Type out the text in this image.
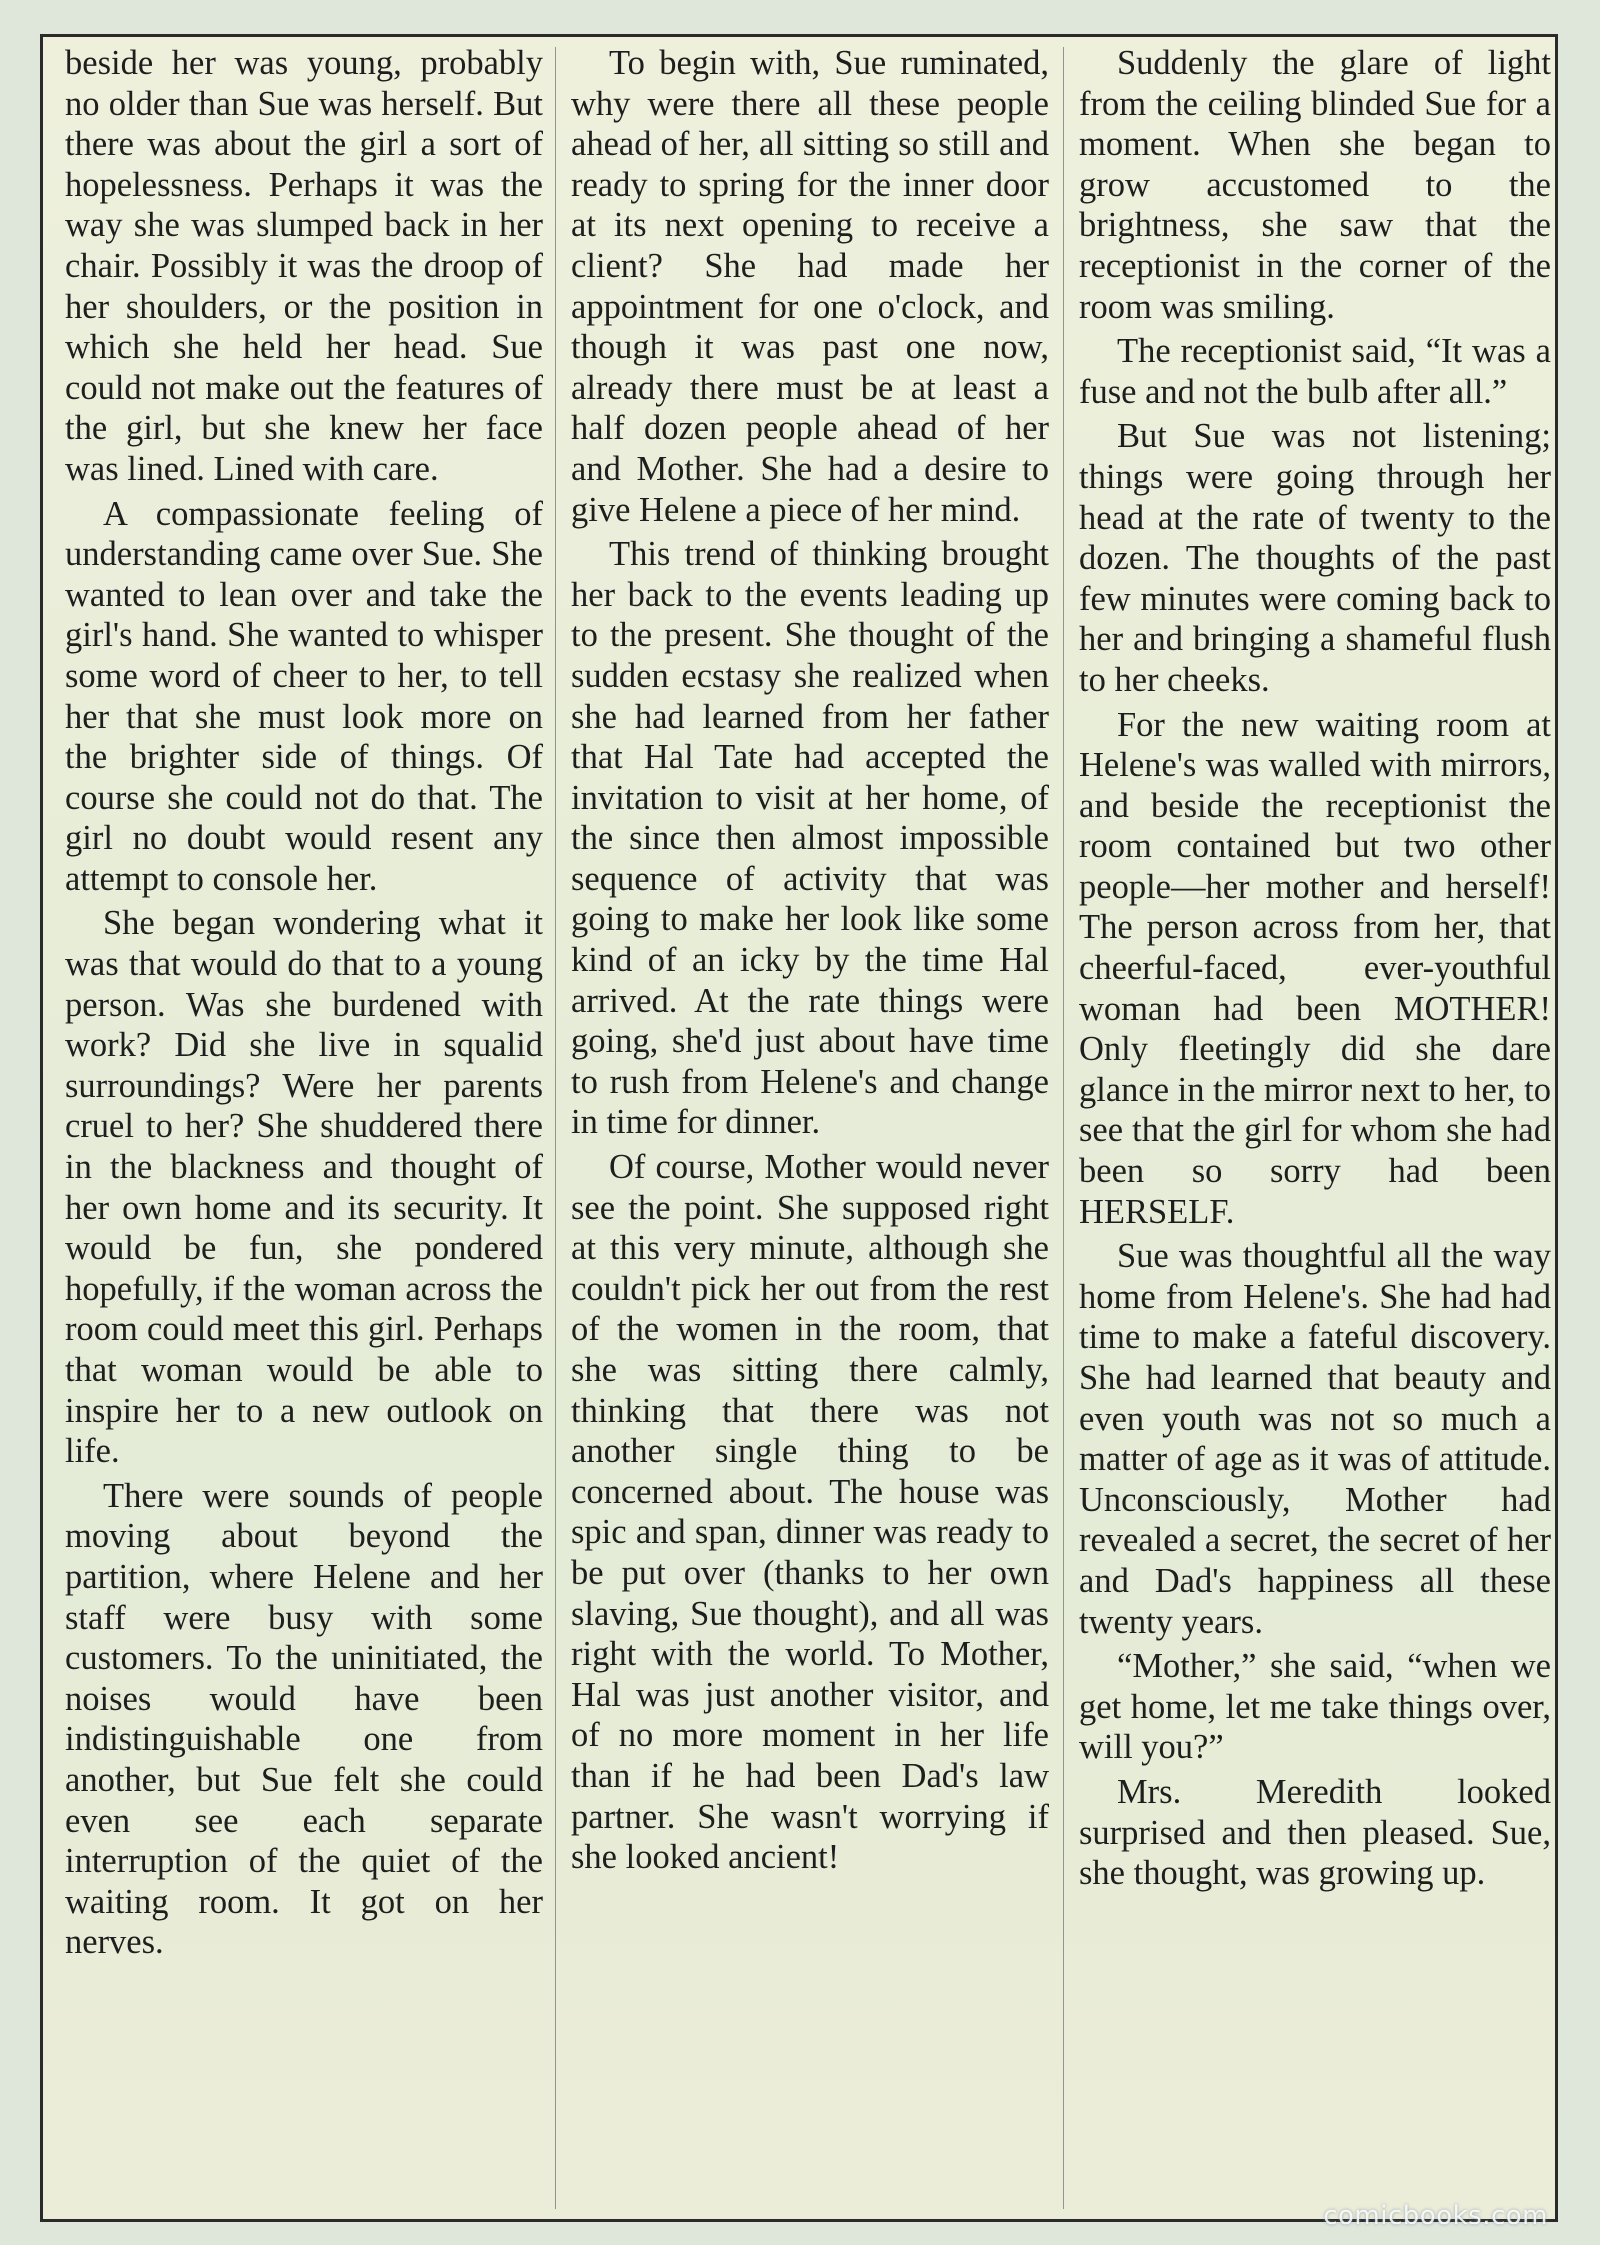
beside her was young, probably no older than Sue was herself. But there was about the girl a sort of hopelessness. Perhaps it was the way she was slumped back in her chair. Possibly it was the droop of her shoulders, or the position in which she held her head. Sue could not make out the features of the girl, but she knew her face was lined. Lined with care.

A compassionate feeling of understanding came over Sue. She wanted to lean over and take the girl's hand. She wanted to whisper some word of cheer to her, to tell her that she must look more on the brighter side of things. Of course she could not do that. The girl no doubt would resent any attempt to console her.

She began wondering what it was that would do that to a young person. Was she burdened with work? Did she live in squalid surroundings? Were her parents cruel to her? She shuddered there in the blackness and thought of her own home and its security. It would be fun, she pondered hopefully, if the woman across the room could meet this girl. Perhaps that woman would be able to inspire her to a new outlook on life.

There were sounds of people moving about beyond the partition, where Helene and her staff were busy with some customers. To the uninitiated, the noises would have been indistinguishable one from another, but Sue felt she could even see each separate interruption of the quiet of the waiting room. It got on her nerves.

To begin with, Sue ruminated, why were there all these people ahead of her, all sitting so still and ready to spring for the inner door at its next opening to receive a client? She had made her appointment for one o'clock, and though it was past one now, already there must be at least a half dozen people ahead of her and Mother. She had a desire to give Helene a piece of her mind.

This trend of thinking brought her back to the events leading up to the present. She thought of the sudden ecstasy she realized when she had learned from her father that Hal Tate had accepted the invitation to visit at her home, of the since then almost impossible sequence of activity that was going to make her look like some kind of an icky by the time Hal arrived. At the rate things were going, she'd just about have time to rush from Helene's and change in time for dinner.

Of course, Mother would never see the point. She supposed right at this very minute, although she couldn't pick her out from the rest of the women in the room, that she was sitting there calmly, thinking that there was not another single thing to be concerned about. The house was spic and span, dinner was ready to be put over (thanks to her own slaving, Sue thought), and all was right with the world. To Mother, Hal was just another visitor, and of no more moment in her life than if he had been Dad's law partner. She wasn't worrying if she looked ancient!

Suddenly the glare of light from the ceiling blinded Sue for a moment. When she began to grow accustomed to the brightness, she saw that the receptionist in the corner of the room was smiling.

The receptionist said, “It was a fuse and not the bulb after all.”

But Sue was not listening; things were going through her head at the rate of twenty to the dozen. The thoughts of the past few minutes were coming back to her and bringing a shameful flush to her cheeks.

For the new waiting room at Helene's was walled with mirrors, and beside the receptionist the room contained but two other people—her mother and herself! The person across from her, that cheerful-faced, ever-youthful woman had been MOTHER! Only fleetingly did she dare glance in the mirror next to her, to see that the girl for whom she had been so sorry had been HERSELF.

Sue was thoughtful all the way home from Helene's. She had had time to make a fateful discovery. She had learned that beauty and even youth was not so much a matter of age as it was of attitude. Unconsciously, Mother had revealed a secret, the secret of her and Dad's happiness all these twenty years.

“Mother,” she said, “when we get home, let me take things over, will you?”

Mrs. Meredith looked surprised and then pleased. Sue, she thought, was growing up.

comicbooks.com
